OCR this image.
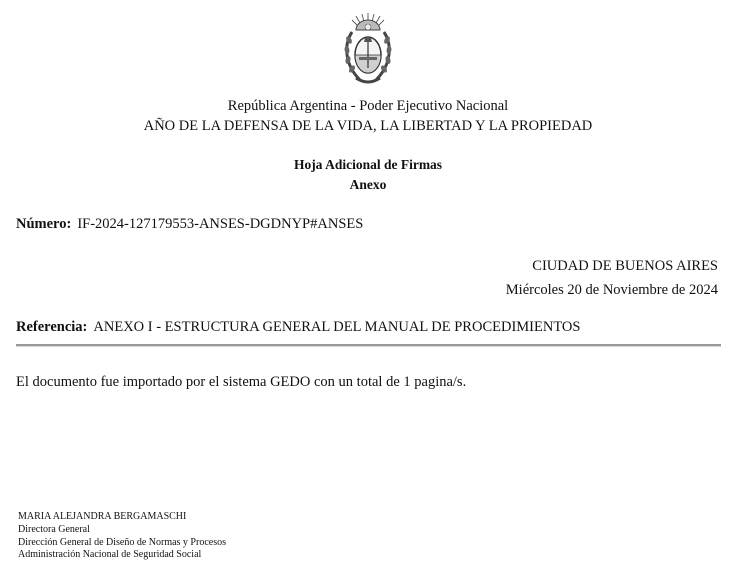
República Argentina - Poder Ejecutivo Nacional
AÑO DE LA DEFENSA DE LA VIDA, LA LIBERTAD Y LA PROPIEDAD
Hoja Adicional de Firmas
Anexo
Número: IF-2024-127179553-ANSES-DGDNYP#ANSES
CIUDAD DE BUENOS AIRES
Miércoles 20 de Noviembre de 2024
Referencia: ANEXO I - ESTRUCTURA GENERAL DEL MANUAL DE PROCEDIMIENTOS
El documento fue importado por el sistema GEDO con un total de 1 pagina/s.
MARIA ALEJANDRA BERGAMASCHI
Directora General
Dirección General de Diseño de Normas y Procesos
Administración Nacional de Seguridad Social
